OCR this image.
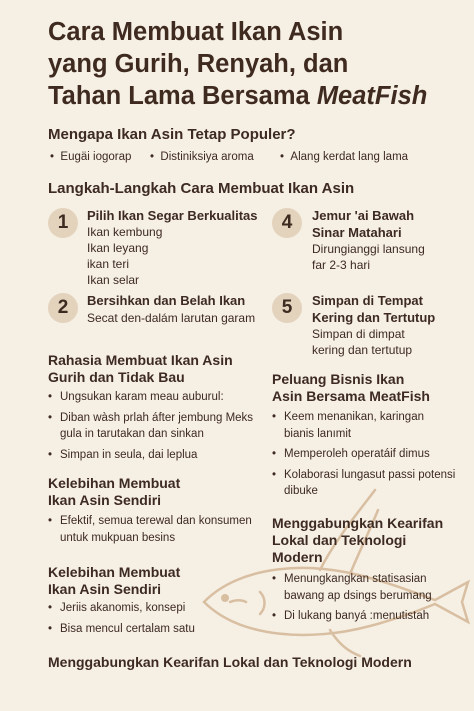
Cara Membuat Ikan Asin
yang Gurih, Renyah, dan
Tahan Lama Bersama MeatFish
Mengapa Ikan Asin Tetap Populer?
•  Eugäi iogorap •  Distiniksiya aroma •  Alang kerdat lang lama
Langkah-Langkah Cara Membuat Ikan Asin
1	Pilih Ikan Segar Berkualitas
Ikan kembung
Ikan leyang
ikan teri
Ikan selar
4	Jemur 'ai Bawah
Sinar Matahari
Dirungianggi lansung
far 2-3 hari
2	Bersihkan dan Belah Ikan
Secat den-dalám larutan garam	5	Simpan di Tempat
Kering dan Tertutup
Simpan di dimpat
kering dan tertutup
Rahasia Membuat Ikan Asin
Gurih dan Tidak Bau
• Ungsukan karam meau auburul:
• Diban wàsh prlah áfter jembung Meks gula in tarutakan dan sinkan
• Simpan in seula, dai leplua
Peluang Bisnis Ikan
Asin Bersama MeatFish
• Keem menanikan, karingan bianis lanımit
• Memperoleh operatáif dimus
• Kolaborasi lungasut passi potensi dibuke
Kelebihan Membuat
Ikan Asin Sendiri
• Efektif, semua terewal dan konsumen untuk mukpuan besins
Menggabungkan Kearifan
Lokal dan Teknologi
Modern
• Menungkangkan statisasian bawang ap dsings berumang
• Di lukang banyá :menutistah
Kelebihan Membuat
Ikan Asin Sendiri
• Jeriis akanomis, konsepi
• Bisa mencul certalam satu
Menggabungkan Kearifan Lokal dan Teknologi Modern
